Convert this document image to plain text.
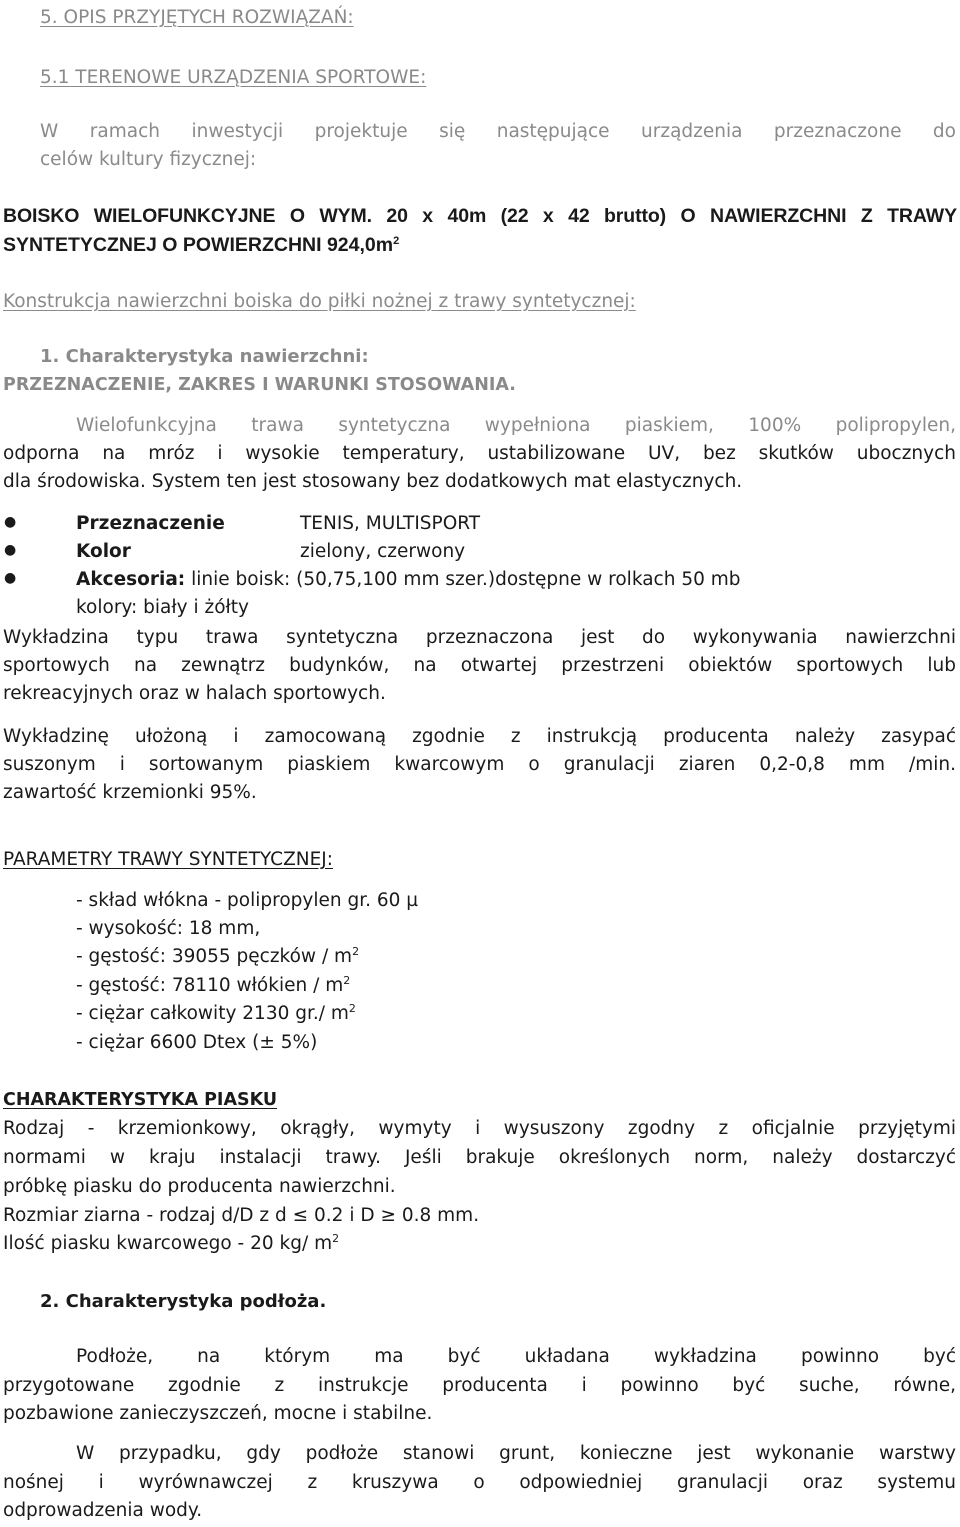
5. OPIS PRZYJĘTYCH ROZWIĄZAŃ:
5.1 TERENOWE URZĄDZENIA SPORTOWE:
W ramach inwestycji projektuje się następujące urządzenia przeznaczone do
celów kultury fizycznej:
BOISKO WIELOFUNKCYJNE O WYM. 20 x 40m (22 x 42 brutto) O NAWIERZCHNI Z TRAWY
SYNTETYCZNEJ O POWIERZCHNI $924,0m^2$
Konstrukcja nawierzchni boiska do piłki nożnej z trawy syntetycznej:
1. Charakterystyka nawierzchni:
PRZEZNACZENIE, ZAKRES I WARUNKI STOSOWANIA.
Wielofunkcyjna trawa syntetyczna wypełniona piaskiem, 100% polipropylen,
odporna na mróz i wysokie temperatury, ustabilizowane UV, bez skutków ubocznych
dla środowiska. System ten jest stosowany bez dodatkowych mat elastycznych.
●	Przeznaczenie	TENIS, MULTISPORT
●	Kolor	zielony, czerwony
●	Akcesoria: linie boisk: (50,75,100 mm szer.)dostępne w rolkach 50 mb
kolory: biały i żółty
Wykładzina typu trawa syntetyczna przeznaczona jest do wykonywania nawierzchni
sportowych na zewnątrz budynków, na otwartej przestrzeni obiektów sportowych lub
rekreacyjnych oraz w halach sportowych.
Wykładzinę ułożoną i zamocowaną zgodnie z instrukcją producenta należy zasypać
suszonym i sortowanym piaskiem kwarcowym o granulacji ziaren 0,2-0,8 mm /min.
zawartość krzemionki 95%.
PARAMETRY TRAWY SYNTETYCZNEJ:
- skład włókna - polipropylen gr. 60 µ
- wysokość: 18 mm,
- gęstość: 39055 pęczków / $m^2$
- gęstość: 78110 włókien / $m^2$
- ciężar całkowity 2130 gr./ $m^2$
- ciężar 6600 Dtex (± 5%)
CHARAKTERYSTYKA PIASKU
Rodzaj - krzemionkowy, okrągły, wymyty i wysuszony zgodny z oficjalnie przyjętymi
normami w kraju instalacji trawy. Jeśli brakuje określonych norm, należy dostarczyć
próbkę piasku do producenta nawierzchni.
Rozmiar ziarna - rodzaj d/D z d ≤ 0.2 i D ≥ 0.8 mm.
Ilość piasku kwarcowego - 20 kg/ $m^2$
2. Charakterystyka podłoża.
Podłoże, na którym ma być układana wykładzina powinno być
przygotowane zgodnie z instrukcje producenta i powinno być suche, równe,
pozbawione zanieczyszczeń, mocne i stabilne.
W przypadku, gdy podłoże stanowi grunt, konieczne jest wykonanie warstwy
nośnej i wyrównawczej z kruszywa o odpowiedniej granulacji oraz systemu
odprowadzenia wody.
